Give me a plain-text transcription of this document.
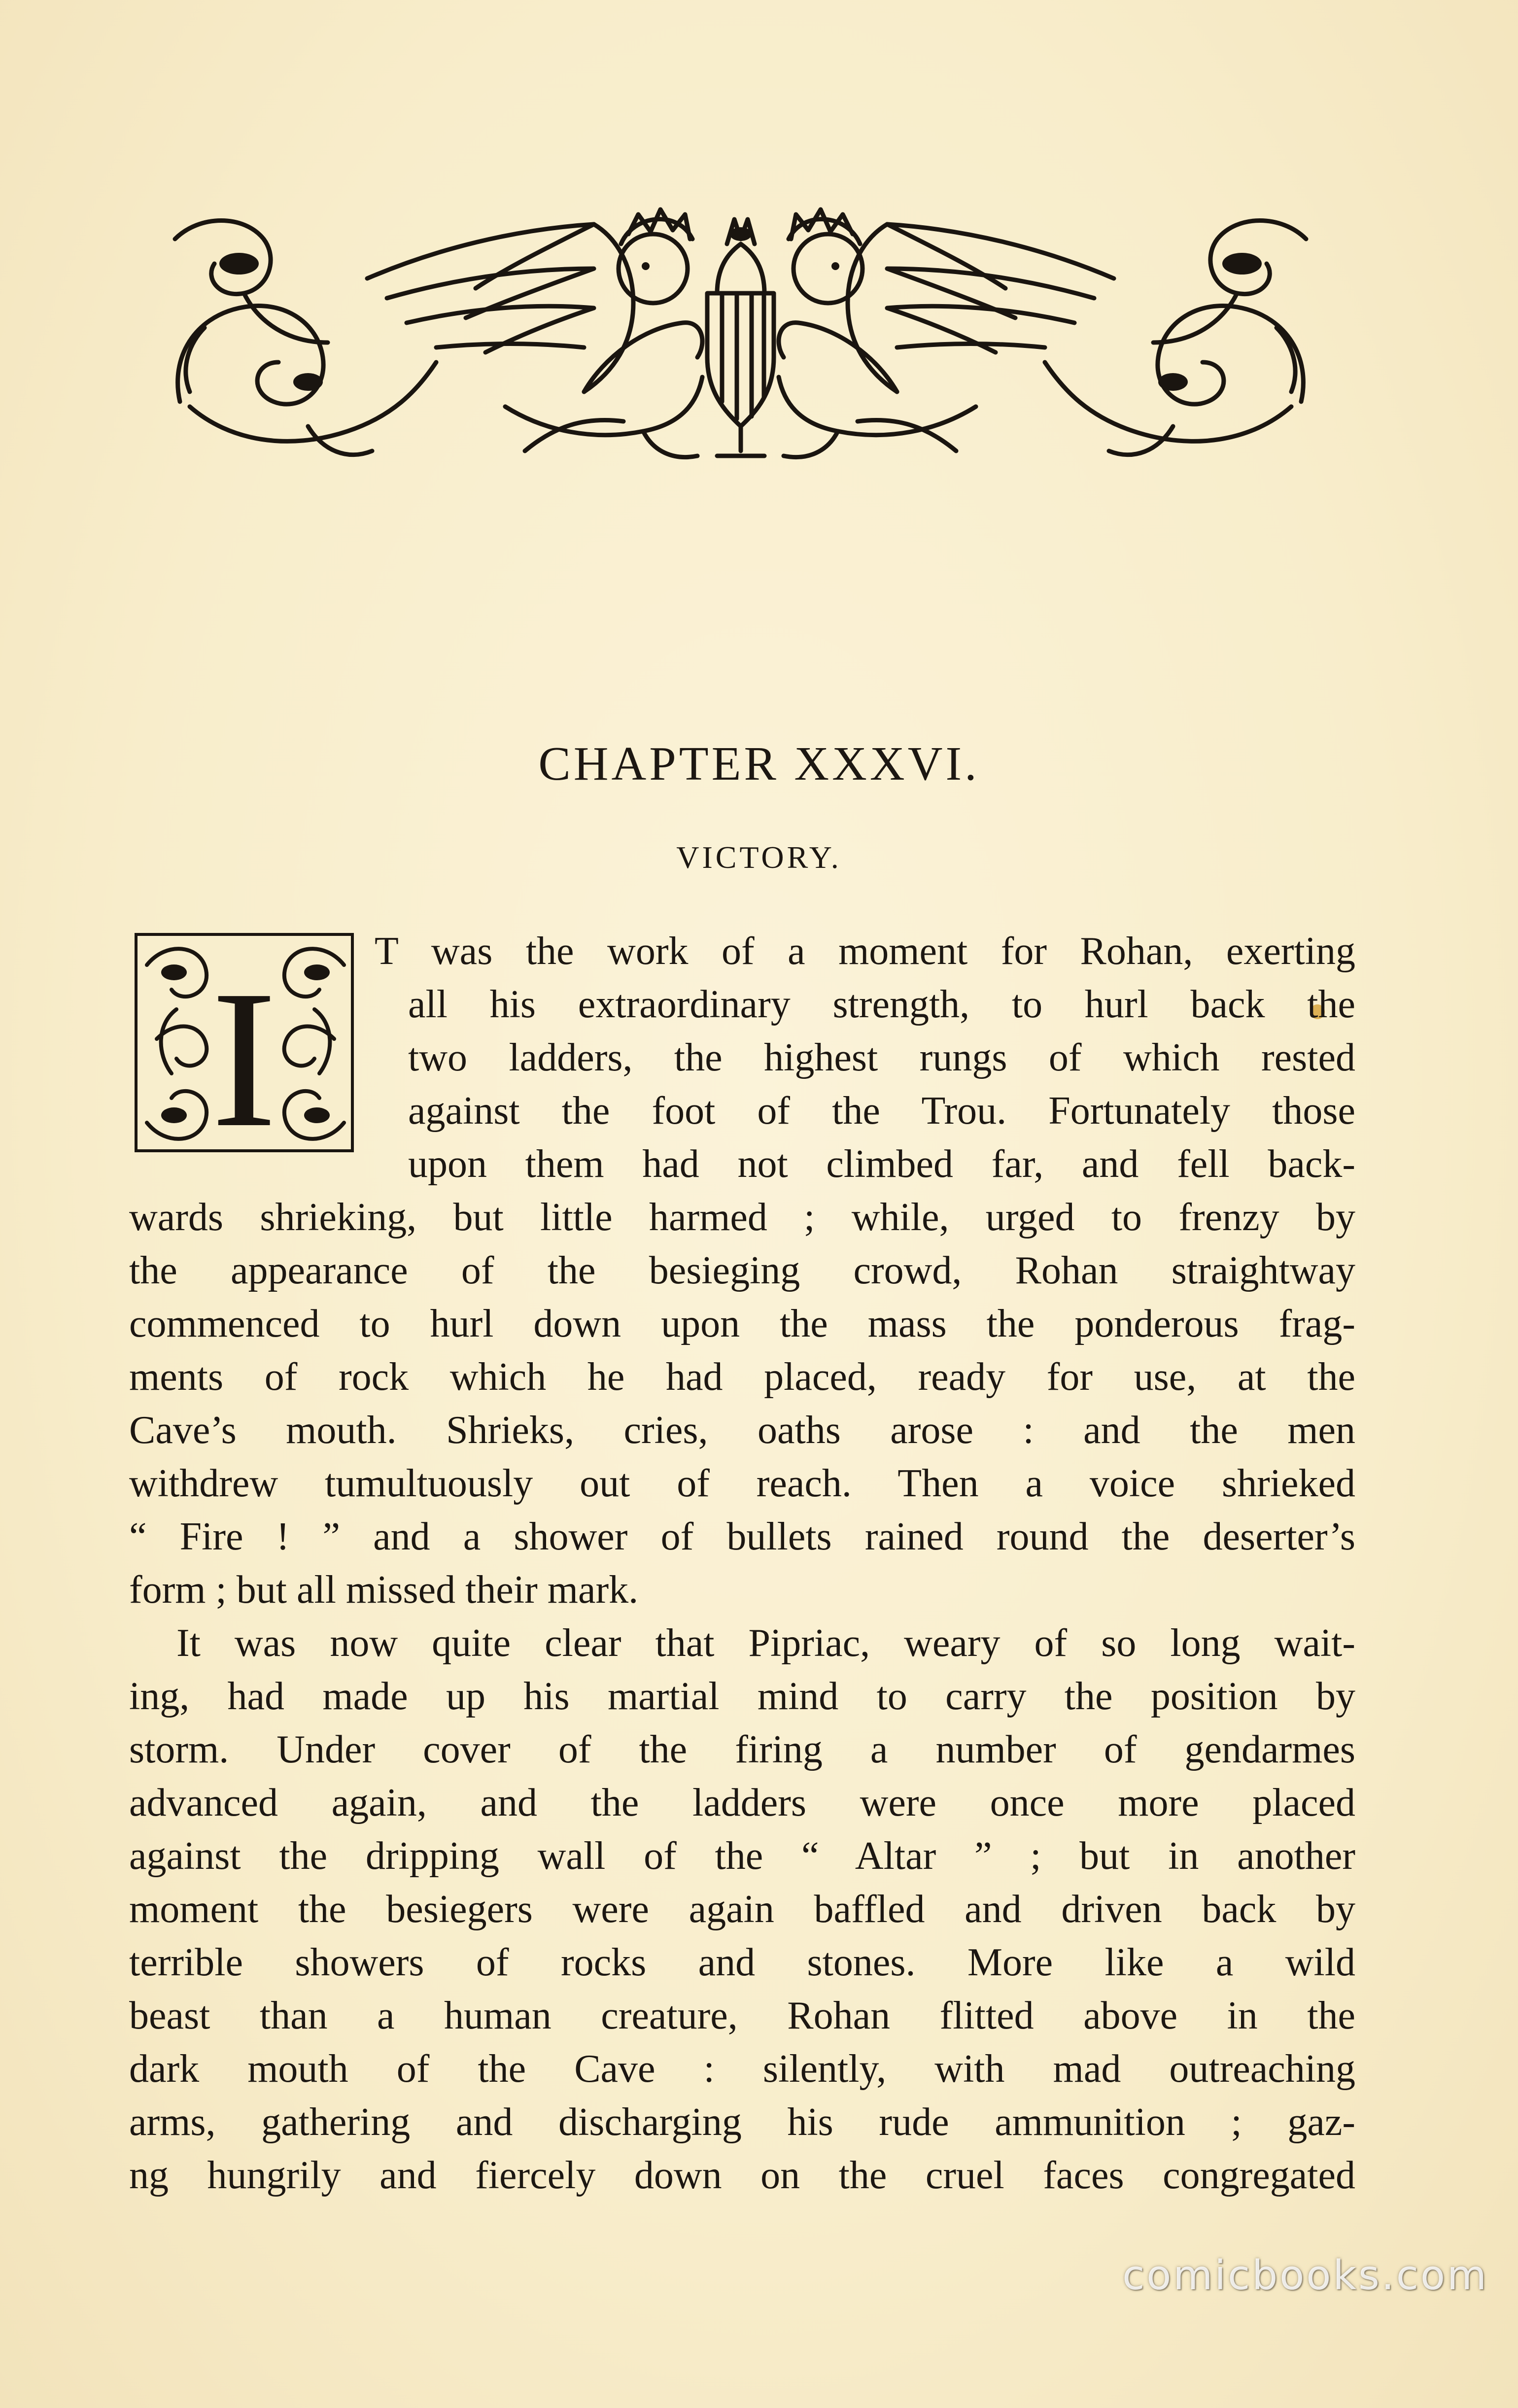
CHAPTER XXXVI.
VICTORY.
I T was the work of a moment for Rohan, exerting
all his extraordinary strength, to hurl back the
two ladders, the highest rungs of which rested
against the foot of the Trou. Fortunately those
upon them had not climbed far, and fell back-
wards shrieking, but little harmed ; while, urged to frenzy by
the appearance of the besieging crowd, Rohan straightway
commenced to hurl down upon the mass the ponderous frag-
ments of rock which he had placed, ready for use, at the
Cave’s mouth. Shrieks, cries, oaths arose : and the men
withdrew tumultuously out of reach. Then a voice shrieked
“ Fire ! ” and a shower of bullets rained round the deserter’s
form ; but all missed their mark.
It was now quite clear that Pipriac, weary of so long wait-
ing, had made up his martial mind to carry the position by
storm. Under cover of the firing a number of gendarmes
advanced again, and the ladders were once more placed
against the dripping wall of the “ Altar ” ; but in another
moment the besiegers were again baffled and driven back by
terrible showers of rocks and stones. More like a wild
beast than a human creature, Rohan flitted above in the
dark mouth of the Cave : silently, with mad outreaching
arms, gathering and discharging his rude ammunition ; gaz-
ng hungrily and fiercely down on the cruel faces congregated
comicbooks.com
